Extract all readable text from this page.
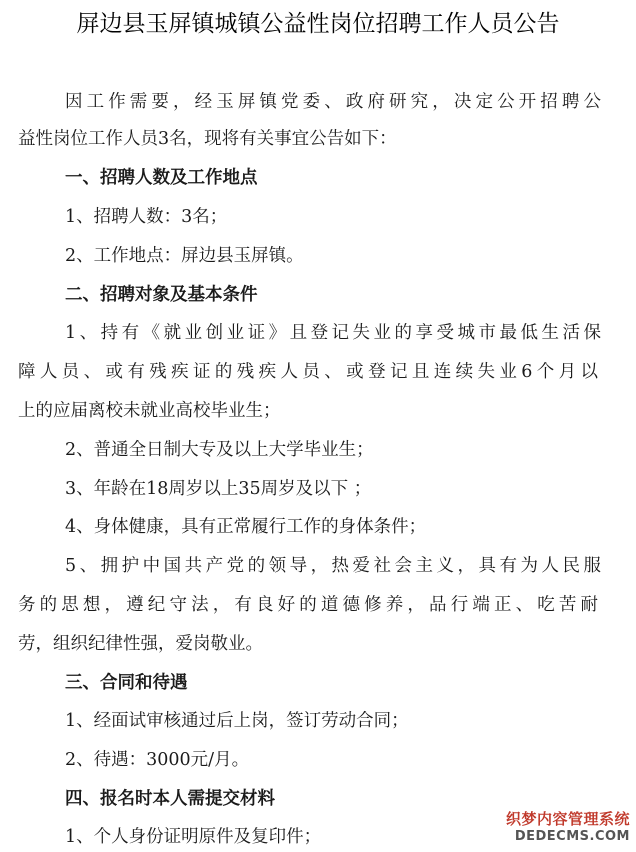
屏边县玉屏镇城镇公益性岗位招聘工作人员公告
因工作需要，经玉屏镇党委、政府研究，决定公开招聘公
益性岗位工作人员3名，现将有关事宜公告如下：
一、招聘人数及工作地点
1、招聘人数：3名；
2、工作地点：屏边县玉屏镇。
二、招聘对象及基本条件
1、持有《就业创业证》且登记失业的享受城市最低生活保
障人员、或有残疾证的残疾人员、或登记且连续失业6个月以
上的应届离校未就业高校毕业生；
2、普通全日制大专及以上大学毕业生；
3、年龄在18周岁以上35周岁及以下 ；
4、身体健康，具有正常履行工作的身体条件；
5、拥护中国共产党的领导，热爱社会主义，具有为人民服
务的思想，遵纪守法，有良好的道德修养，品行端正、吃苦耐
劳，组织纪律性强，爱岗敬业。
三、合同和待遇
1、经面试审核通过后上岗，签订劳动合同；
2、待遇：3000元/月。
四、报名时本人需提交材料
1、个人身份证明原件及复印件；
织梦内容管理系统
DEDECMS.COM
